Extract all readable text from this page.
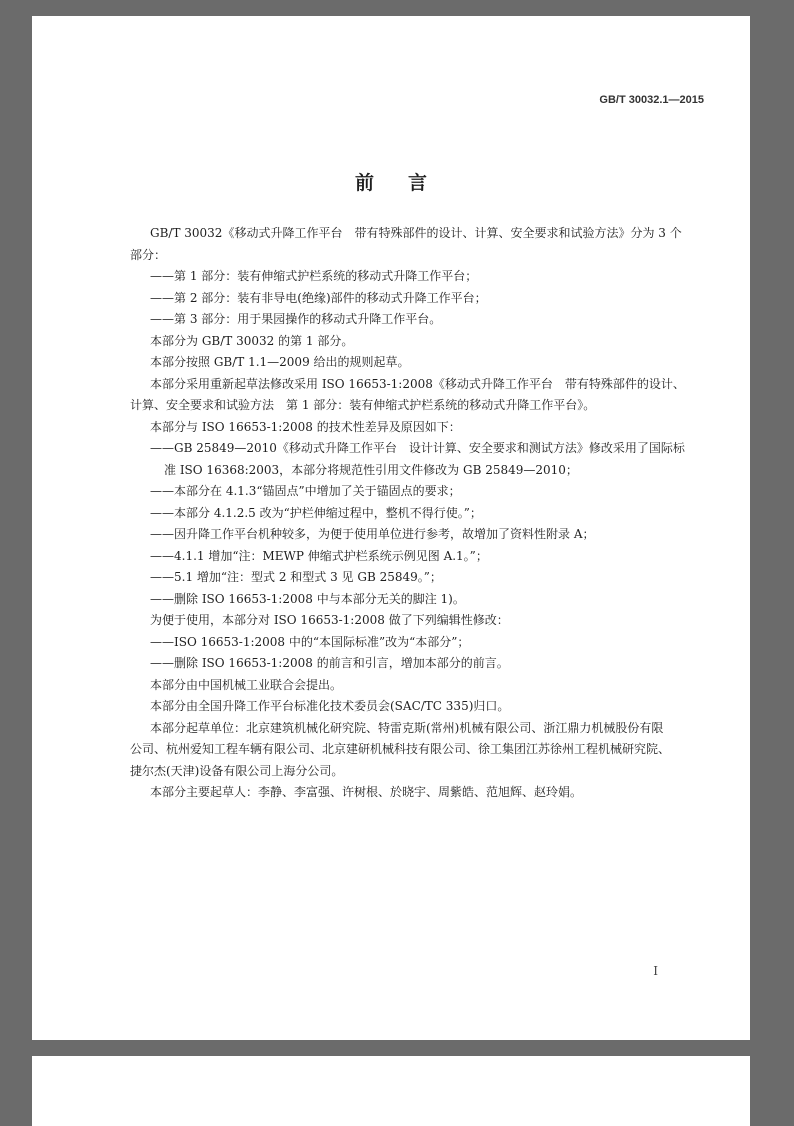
GB/T 30032.1—2015
前言

GB/T 30032《移动式升降工作平台　带有特殊部件的设计、计算、安全要求和试验方法》分为 3 个

部分：

——第 1 部分：装有伸缩式护栏系统的移动式升降工作平台；

——第 2 部分：装有非导电(绝缘)部件的移动式升降工作平台；

——第 3 部分：用于果园操作的移动式升降工作平台。

本部分为 GB/T 30032 的第 1 部分。

本部分按照 GB/T 1.1—2009 给出的规则起草。

本部分采用重新起草法修改采用 ISO 16653-1:2008《移动式升降工作平台　带有特殊部件的设计、

计算、安全要求和试验方法　第 1 部分：装有伸缩式护栏系统的移动式升降工作平台》。

本部分与 ISO 16653-1:2008 的技术性差异及原因如下：

——GB 25849—2010《移动式升降工作平台　设计计算、安全要求和测试方法》修改采用了国际标

准 ISO 16368:2003，本部分将规范性引用文件修改为 GB 25849—2010；

——本部分在 4.1.3“锚固点”中增加了关于锚固点的要求；

——本部分 4.1.2.5 改为“护栏伸缩过程中，整机不得行使。”；

——因升降工作平台机种较多，为便于使用单位进行参考，故增加了资料性附录 A；

——4.1.1 增加“注：MEWP 伸缩式护栏系统示例见图 A.1。”；

——5.1 增加“注：型式 2 和型式 3 见 GB 25849。”；

——删除 ISO 16653-1:2008 中与本部分无关的脚注 1)。

为便于使用，本部分对 ISO 16653-1:2008 做了下列编辑性修改：

——ISO 16653-1:2008 中的“本国际标准”改为“本部分”；

——删除 ISO 16653-1:2008 的前言和引言，增加本部分的前言。

本部分由中国机械工业联合会提出。

本部分由全国升降工作平台标准化技术委员会(SAC/TC 335)归口。

本部分起草单位：北京建筑机械化研究院、特雷克斯(常州)机械有限公司、浙江鼎力机械股份有限

公司、杭州爱知工程车辆有限公司、北京建研机械科技有限公司、徐工集团江苏徐州工程机械研究院、

捷尔杰(天津)设备有限公司上海分公司。

本部分主要起草人：李静、李富强、许树根、於晓宇、周紫皓、范旭辉、赵玲娟。

I
